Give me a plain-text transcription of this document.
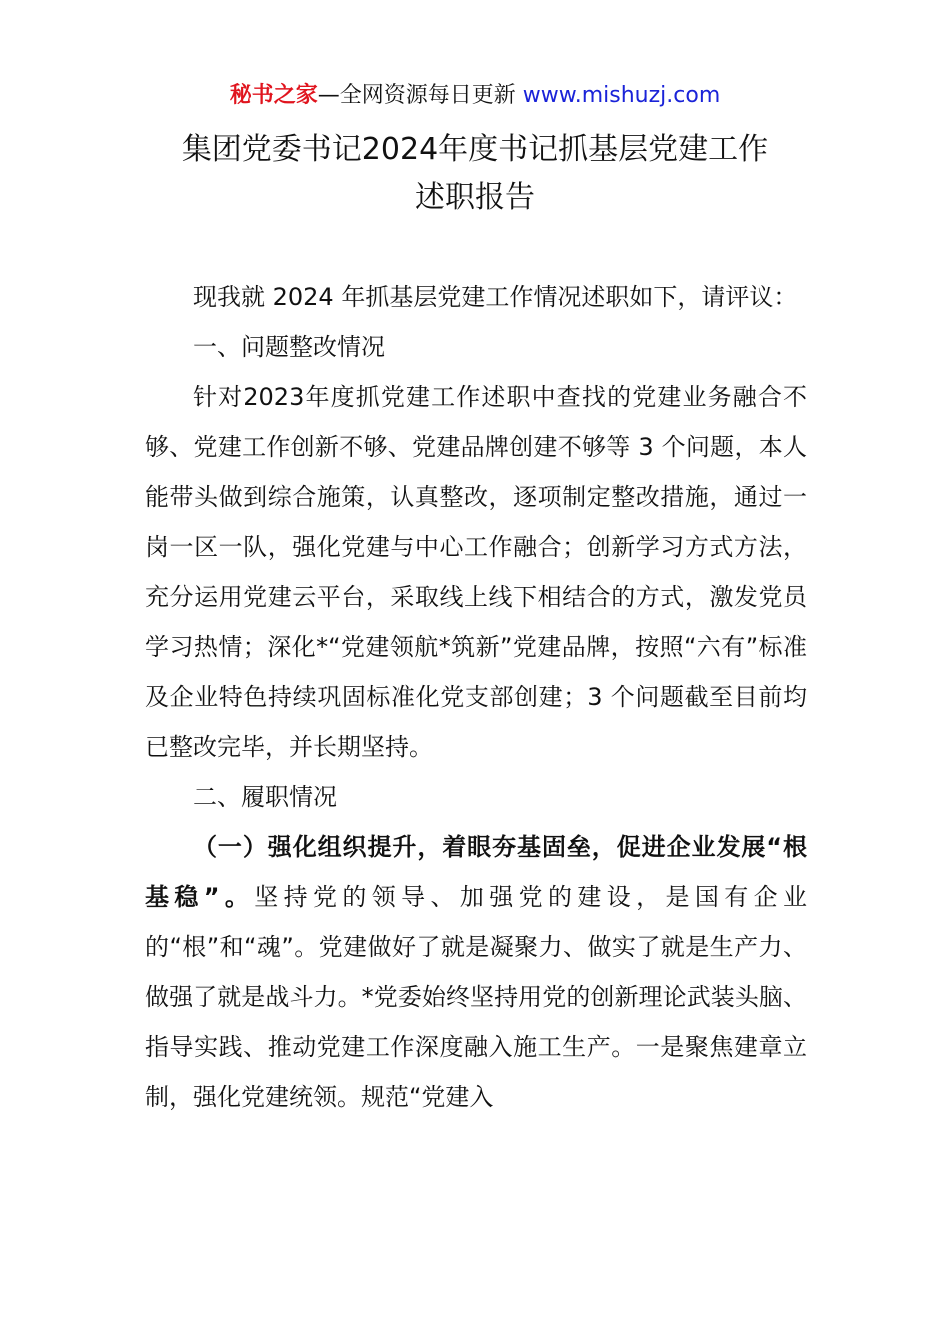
秘书之家—全网资源每日更新 www.mishuzj.com
集团党委书记2024年度书记抓基层党建工作
述职报告

现我就 2024 年抓基层党建工作情况述职如下，请评议：

一、问题整改情况

针对2023年度抓党建工作述职中查找的党建业务融合不够、党建工作创新不够、党建品牌创建不够等 3 个问题，本人能带头做到综合施策，认真整改，逐项制定整改措施，通过一岗一区一队，强化党建与中心工作融合；创新学习方式方法，充分运用党建云平台，采取线上线下相结合的方式，激发党员学习热情；深化*“党建领航*筑新”党建品牌，按照“六有”标准及企业特色持续巩固标准化党支部创建；3 个问题截至目前均已整改完毕，并长期坚持。

二、履职情况

（一）强化组织提升，着眼夯基固垒，促进企业发展“根基稳”。坚持党的领导、加强党的建设，是国有企业的“根”和“魂”。党建做好了就是凝聚力、做实了就是生产力、做强了就是战斗力。*党委始终坚持用党的创新理论武装头脑、指导实践、推动党建工作深度融入施工生产。一是聚焦建章立制，强化党建统领。规范“党建入
